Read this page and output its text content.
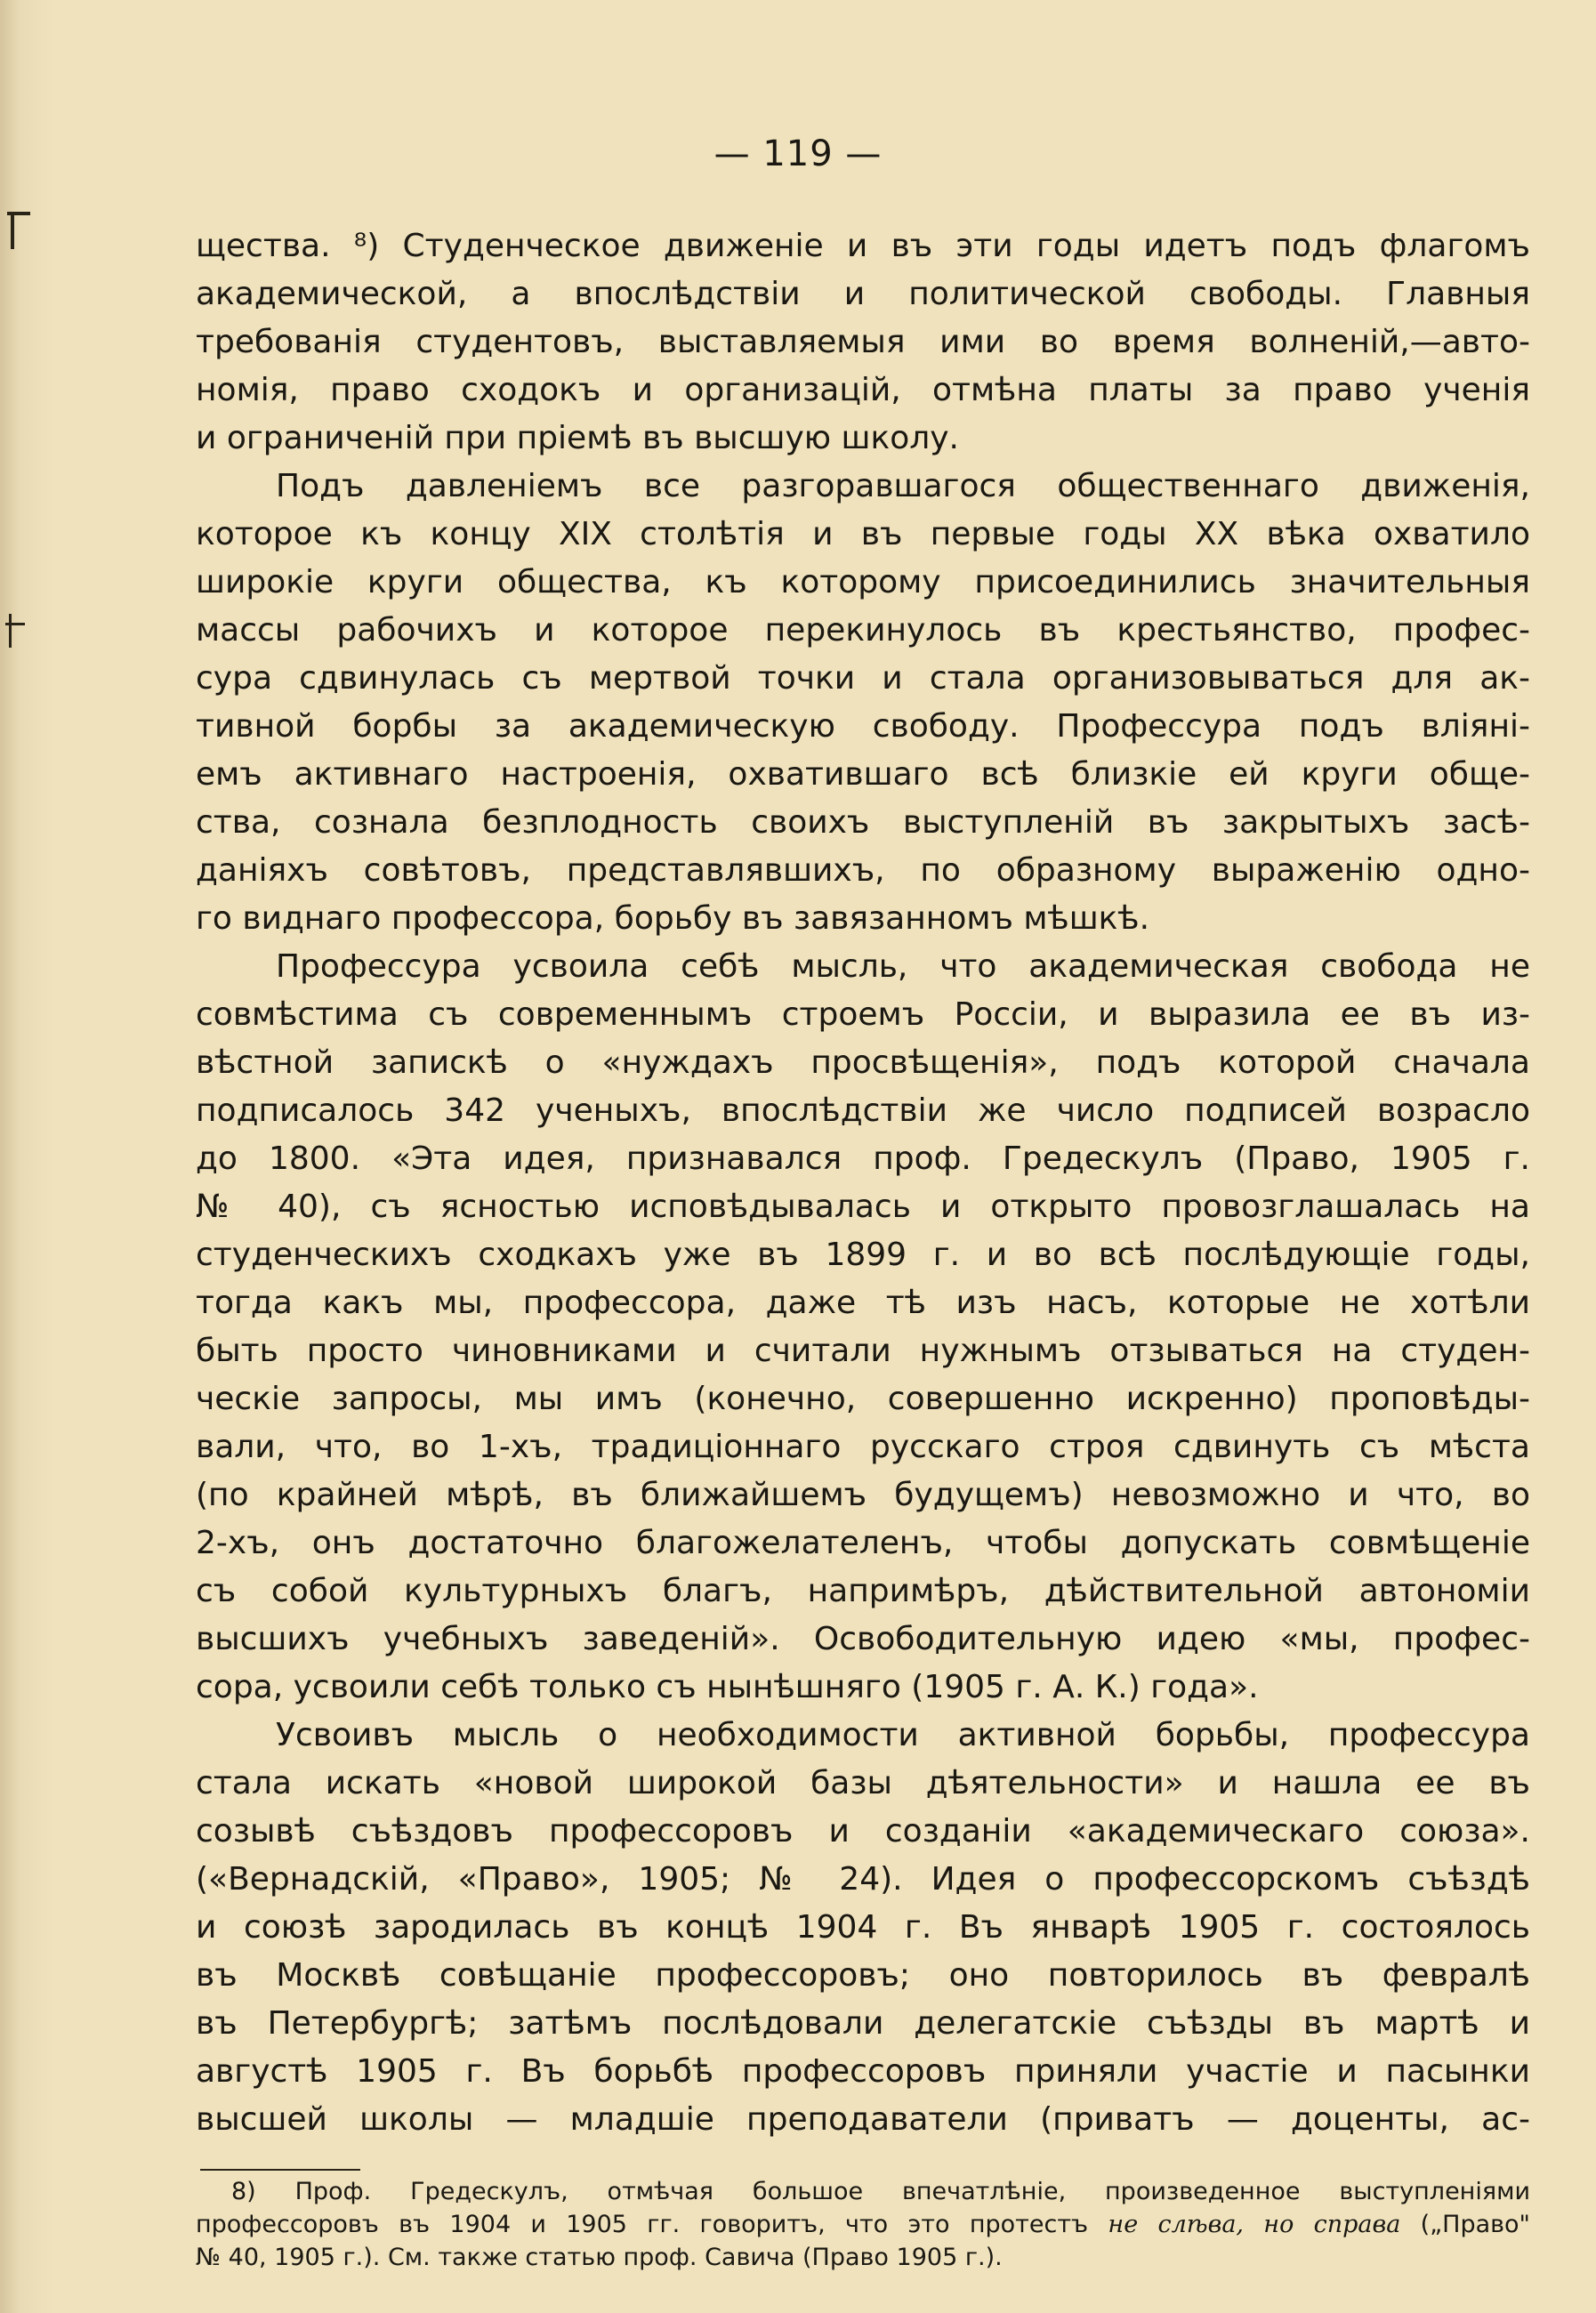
— 119 —
щества. ⁸) Студенческое движеніе и въ эти годы идетъ подъ флагомъ
академической, а впослѣдствіи и политической свободы. Главныя
требованія студентовъ, выставляемыя ими во время волненій,—авто-
номія, право сходокъ и организацій, отмѣна платы за право ученія
и ограниченій при пріемѣ въ высшую школу.
Подъ давленіемъ все разгоравшагося общественнаго движенія,
которое къ концу XIX столѣтія и въ первые годы XX вѣка охватило
широкіе круги общества, къ которому присоединились значительныя
массы рабочихъ и которое перекинулось въ крестьянство, профес-
сура сдвинулась съ мертвой точки и стала организовываться для ак-
тивной борбы за академическую свободу. Профессура подъ вліяні-
емъ активнаго настроенія, охватившаго всѣ близкіе ей круги обще-
ства, сознала безплодность своихъ выступленій въ закрытыхъ засѣ-
даніяхъ совѣтовъ, представлявшихъ, по образному выраженію одно-
го виднаго профессора, борьбу въ завязанномъ мѣшкѣ.
Профессура усвоила себѣ мысль, что академическая свобода не
совмѣстима съ современнымъ строемъ Россіи, и выразила ее въ из-
вѣстной запискѣ о «нуждахъ просвѣщенія», подъ которой сначала
подписалось 342 ученыхъ, впослѣдствіи же число подписей возрасло
до 1800. «Эта идея, признавался проф. Гредескулъ (Право, 1905 г.
№ 40), съ ясностью исповѣдывалась и открыто провозглашалась на
студенческихъ сходкахъ уже въ 1899 г. и во всѣ послѣдующіе годы,
тогда какъ мы, профессора, даже тѣ изъ насъ, которые не хотѣли
быть просто чиновниками и считали нужнымъ отзываться на студен-
ческіе запросы, мы имъ (конечно, совершенно искренно) проповѣды-
вали, что, во 1-хъ, традиціоннаго русскаго строя сдвинуть съ мѣста
(по крайней мѣрѣ, въ ближайшемъ будущемъ) невозможно и что, во
2-хъ, онъ достаточно благожелателенъ, чтобы допускать совмѣщеніе
съ собой культурныхъ благъ, напримѣръ, дѣйствительной автономіи
высшихъ учебныхъ заведеній». Освободительную идею «мы, профес-
сора, усвоили себѣ только съ нынѣшняго (1905 г. А. К.) года».
Усвоивъ мысль о необходимости активной борьбы, профессура
стала искать «новой широкой базы дѣятельности» и нашла ее въ
созывѣ съѣздовъ профессоровъ и созданіи «академическаго союза».
(«Вернадскій, «Право», 1905; № 24). Идея о профессорскомъ съѣздѣ
и союзѣ зародилась въ концѣ 1904 г. Въ январѣ 1905 г. состоялось
въ Москвѣ совѣщаніе профессоровъ; оно повторилось въ февралѣ
въ Петербургѣ; затѣмъ послѣдовали делегатскіе съѣзды въ мартѣ и
августѣ 1905 г. Въ борьбѣ профессоровъ приняли участіе и пасынки
высшей школы — младшіе преподаватели (приватъ — доценты, ас-
8) Проф. Гредескулъ, отмѣчая большое впечатлѣніе, произведенное выступленіями
профессоровъ въ 1904 и 1905 гг. говоритъ, что это протестъ не слѣва, но справа („Право"
№ 40, 1905 г.). См. также статью проф. Савича (Право 1905 г.).
